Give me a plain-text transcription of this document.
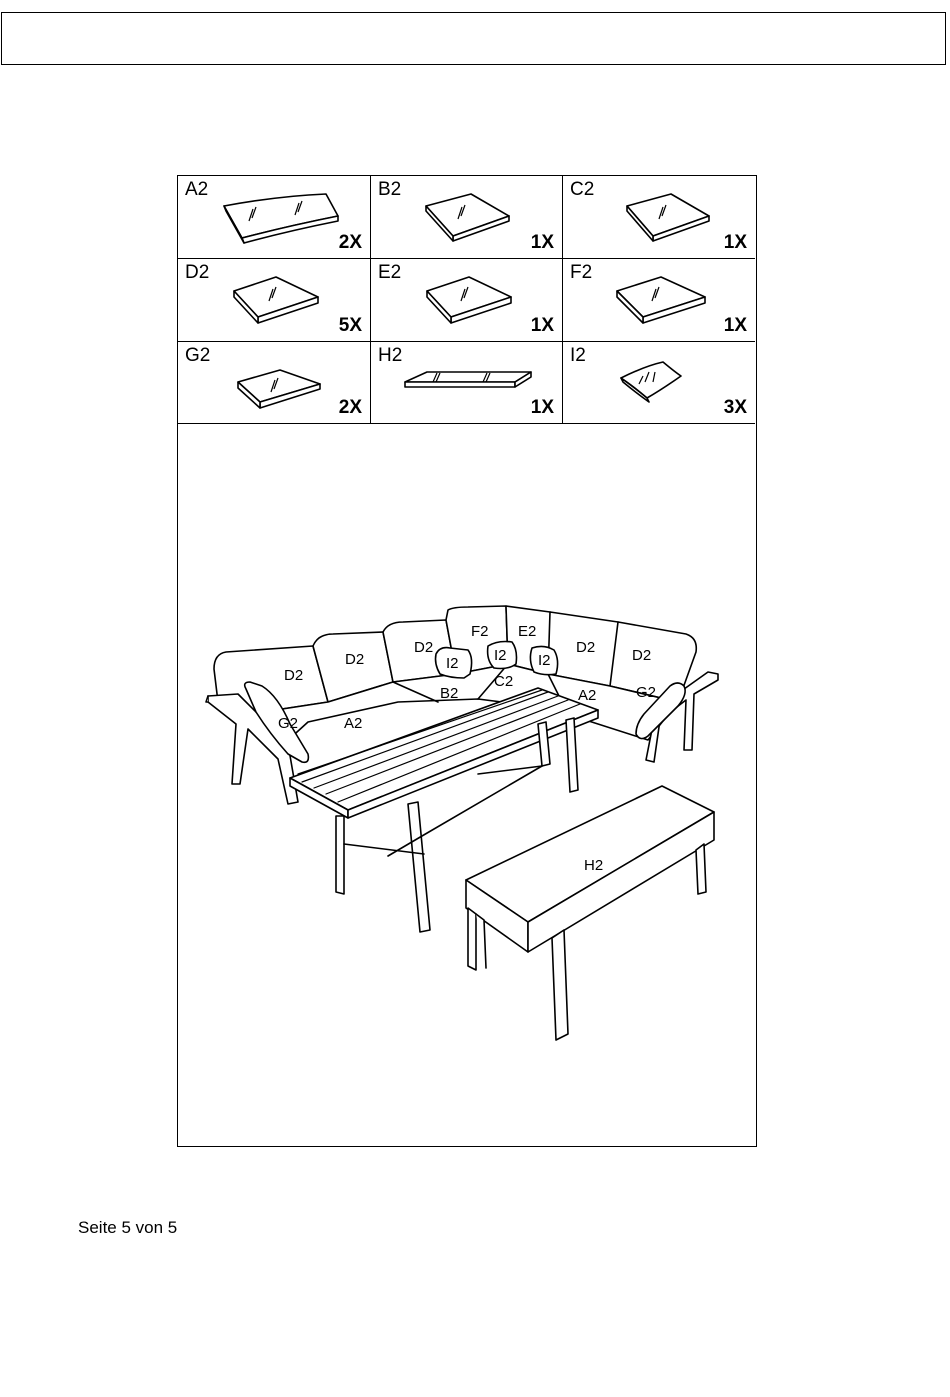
A2
2X
B2
1X
C2
1X
D2
5X
E2
1X
F2
1X
G2
2X
H2
1X
I2
3X
D2
D2
D2
F2 E2
D2 D2
I2 I2 I2
B2
C2
A2
A2
G2
G2
H2
Seite 5 von 5
